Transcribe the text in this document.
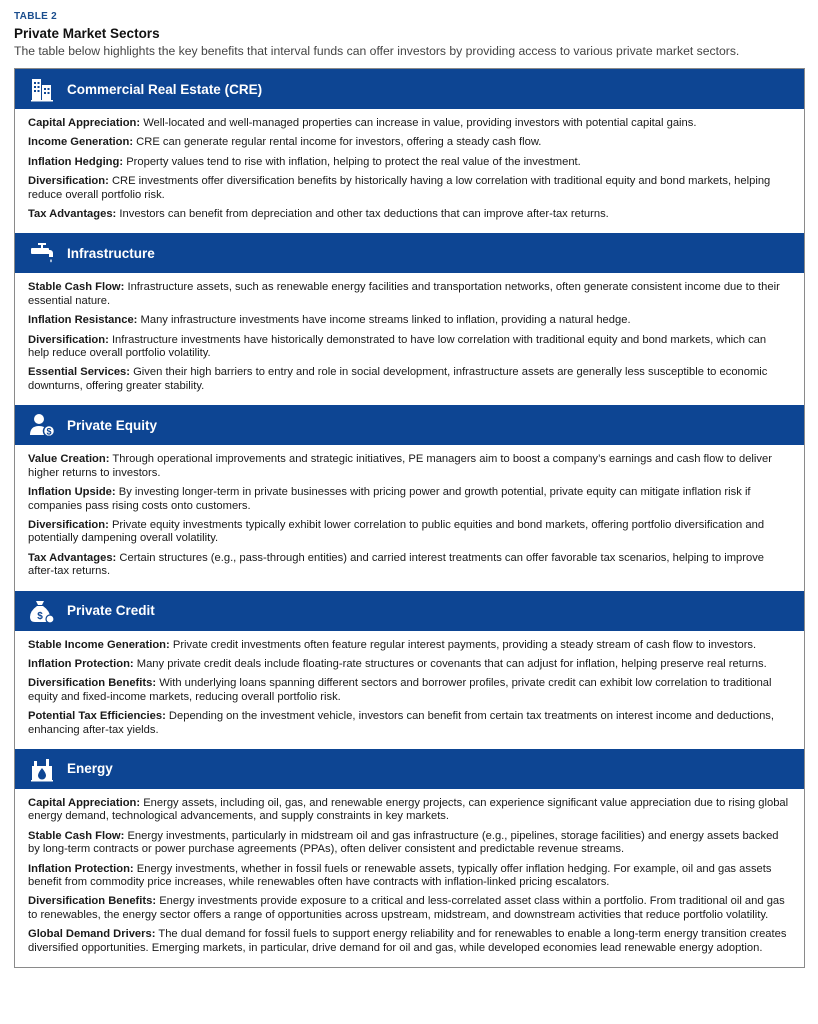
TABLE 2
Private Market Sectors
The table below highlights the key benefits that interval funds can offer investors by providing access to various private market sectors.
Commercial Real Estate (CRE)
Capital Appreciation: Well-located and well-managed properties can increase in value, providing investors with potential capital gains.
Income Generation: CRE can generate regular rental income for investors, offering a steady cash flow.
Inflation Hedging: Property values tend to rise with inflation, helping to protect the real value of the investment.
Diversification: CRE investments offer diversification benefits by historically having a low correlation with traditional equity and bond markets, helping reduce overall portfolio risk.
Tax Advantages: Investors can benefit from depreciation and other tax deductions that can improve after-tax returns.
Infrastructure
Stable Cash Flow: Infrastructure assets, such as renewable energy facilities and transportation networks, often generate consistent income due to their essential nature.
Inflation Resistance: Many infrastructure investments have income streams linked to inflation, providing a natural hedge.
Diversification: Infrastructure investments have historically demonstrated to have low correlation with traditional equity and bond markets, which can help reduce overall portfolio volatility.
Essential Services: Given their high barriers to entry and role in social development, infrastructure assets are generally less susceptible to economic downturns, offering greater stability.
$ Private Equity
Value Creation: Through operational improvements and strategic initiatives, PE managers aim to boost a company’s earnings and cash flow to deliver higher returns to investors.
Inflation Upside: By investing longer-term in private businesses with pricing power and growth potential, private equity can mitigate inflation risk if companies pass rising costs onto customers.
Diversification: Private equity investments typically exhibit lower correlation to public equities and bond markets, offering portfolio diversification and potentially dampening overall volatility.
Tax Advantages: Certain structures (e.g., pass-through entities) and carried interest treatments can offer favorable tax scenarios, helping to improve after-tax returns.
$ Private Credit
Stable Income Generation: Private credit investments often feature regular interest payments, providing a steady stream of cash flow to investors.
Inflation Protection: Many private credit deals include floating-rate structures or covenants that can adjust for inflation, helping preserve real returns.
Diversification Benefits: With underlying loans spanning different sectors and borrower profiles, private credit can exhibit low correlation to traditional equity and fixed-income markets, reducing overall portfolio risk.
Potential Tax Efficiencies: Depending on the investment vehicle, investors can benefit from certain tax treatments on interest income and deductions, enhancing after-tax yields.
Energy
Capital Appreciation: Energy assets, including oil, gas, and renewable energy projects, can experience significant value appreciation due to rising global energy demand, technological advancements, and supply constraints in key markets.
Stable Cash Flow: Energy investments, particularly in midstream oil and gas infrastructure (e.g., pipelines, storage facilities) and energy assets backed by long-term contracts or power purchase agreements (PPAs), often deliver consistent and predictable revenue streams.
Inflation Protection: Energy investments, whether in fossil fuels or renewable assets, typically offer inflation hedging. For example, oil and gas assets benefit from commodity price increases, while renewables often have contracts with inflation-linked pricing escalators.
Diversification Benefits: Energy investments provide exposure to a critical and less-correlated asset class within a portfolio. From traditional oil and gas to renewables, the energy sector offers a range of opportunities across upstream, midstream, and downstream activities that reduce portfolio volatility.
Global Demand Drivers: The dual demand for fossil fuels to support energy reliability and for renewables to enable a long-term energy transition creates diversified opportunities. Emerging markets, in particular, drive demand for oil and gas, while developed economies lead renewable energy adoption.
